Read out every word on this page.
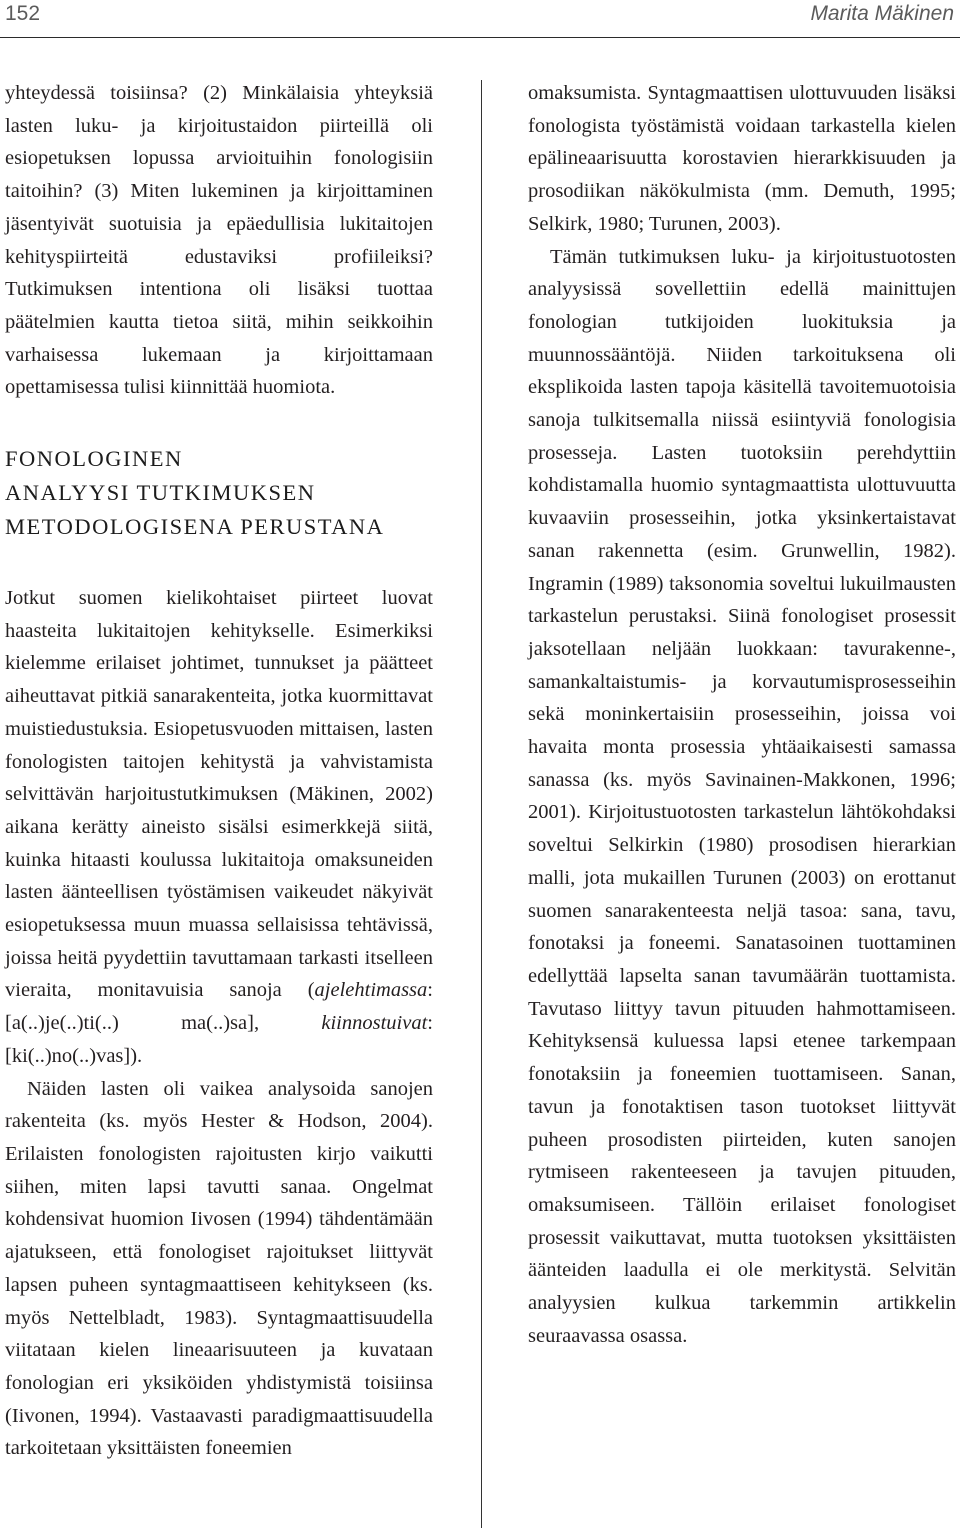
152	Marita Mäkinen

yhteydessä toisiinsa? (2) Minkälaisia yhteyksiä lasten luku- ja kirjoitustaidon piirteillä oli esiopetuksen lopussa arvioituihin fonologisiin taitoihin? (3) Miten lukeminen ja kirjoittaminen jäsentyivät suotuisia ja epäedullisia lukitaitojen kehityspiirteitä edustaviksi profiileiksi? Tutkimuksen intentiona oli lisäksi tuottaa päätelmien kautta tietoa siitä, mihin seikkoihin varhaisessa lukemaan ja kirjoittamaan opettamisessa tulisi kiinnittää huomiota.

FONOLOGINEN
ANALYYSI TUTKIMUKSEN
METODOLOGISENA PERUSTANA

Jotkut suomen kielikohtaiset piirteet luovat haasteita lukitaitojen kehitykselle. Esimerkiksi kielemme erilaiset johtimet, tunnukset ja päätteet aiheuttavat pitkiä sanarakenteita, jotka kuormittavat muistiedustuksia. Esiopetusvuoden mittaisen, lasten fonologisten taitojen kehitystä ja vahvistamista selvittävän harjoitustutkimuksen (Mäkinen, 2002) aikana kerätty aineisto sisälsi esimerkkejä siitä, kuinka hitaasti koulussa lukitaitoja omaksuneiden lasten äänteellisen työstämisen vaikeudet näkyivät esiopetuksessa muun muassa sellaisissa tehtävissä, joissa heitä pyydettiin tavuttamaan tarkasti itselleen vieraita, monitavuisia sanoja (ajelehtimassa: [a(..)je(..)ti(..) ma(..)sa], kiinnostuivat: [ki(..)no(..)vas]).

Näiden lasten oli vaikea analysoida sanojen rakenteita (ks. myös Hester & Hodson, 2004). Erilaisten fonologisten rajoitusten kirjo vaikutti siihen, miten lapsi tavutti sanaa. Ongelmat kohdensivat huomion Iivosen (1994) tähdentämään ajatukseen, että fonologiset rajoitukset liittyvät lapsen puheen syntagmaattiseen kehitykseen (ks. myös Nettelbladt, 1983). Syntagmaattisuudella viitataan kielen lineaarisuuteen ja kuvataan fonologian eri yksiköiden yhdistymistä toisiinsa (Iivonen, 1994). Vastaavasti paradigmaattisuudella tarkoitetaan yksittäisten foneemien

omaksumista. Syntagmaattisen ulottuvuuden lisäksi fonologista työstämistä voidaan tarkastella kielen epälineaarisuutta korostavien hierarkkisuuden ja prosodiikan näkökulmista (mm. Demuth, 1995; Selkirk, 1980; Turunen, 2003).

Tämän tutkimuksen luku- ja kirjoitustuotosten analyysissä sovellettiin edellä mainittujen fonologian tutkijoiden luokituksia ja muunnossääntöjä. Niiden tarkoituksena oli eksplikoida lasten tapoja käsitellä tavoitemuotoisia sanoja tulkitsemalla niissä esiintyviä fonologisia prosesseja. Lasten tuotoksiin perehdyttiin kohdistamalla huomio syntagmaattista ulottuvuutta kuvaaviin prosesseihin, jotka yksinkertaistavat sanan rakennetta (esim. Grunwellin, 1982). Ingramin (1989) taksonomia soveltui lukuilmausten tarkastelun perustaksi. Siinä fonologiset prosessit jaksotellaan neljään luokkaan: tavurakenne-, samankaltaistumis- ja korvautumisprosesseihin sekä moninkertaisiin prosesseihin, joissa voi havaita monta prosessia yhtäaikaisesti samassa sanassa (ks. myös Savinainen-Makkonen, 1996; 2001). Kirjoitustuotosten tarkastelun lähtökohdaksi soveltui Selkirkin (1980) prosodisen hierarkian malli, jota mukaillen Turunen (2003) on erottanut suomen sanarakenteesta neljä tasoa: sana, tavu, fonotaksi ja foneemi. Sanatasoinen tuottaminen edellyttää lapselta sanan tavumäärän tuottamista. Tavutaso liittyy tavun pituuden hahmottamiseen. Kehityksensä kuluessa lapsi etenee tarkempaan fonotaksiin ja foneemien tuottamiseen. Sanan, tavun ja fonotaktisen tason tuotokset liittyvät puheen prosodisten piirteiden, kuten sanojen rytmiseen rakenteeseen ja tavujen pituuden, omaksumiseen. Tällöin erilaiset fonologiset prosessit vaikuttavat, mutta tuotoksen yksittäisten äänteiden laadulla ei ole merkitystä. Selvitän analyysien kulkua tarkemmin artikkelin seuraavassa osassa.
